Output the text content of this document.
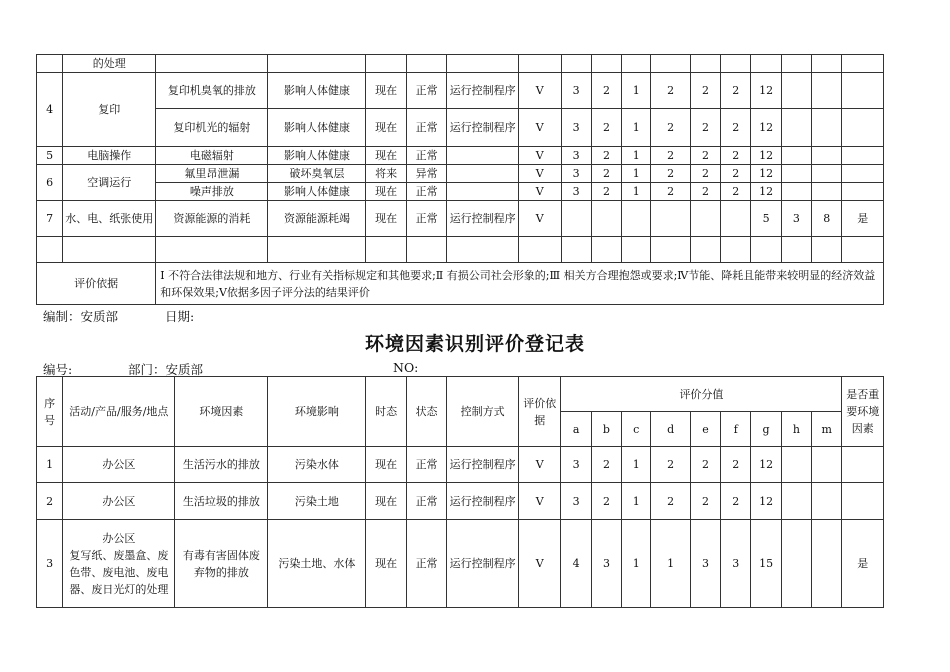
	的处理																
4	复印	复印机臭氧的排放	影响人体健康	现在	正常	运行控制程序	Ⅴ	3	2	1	2	2	2	12			
		复印机光的辐射	影响人体健康	现在	正常	运行控制程序	Ⅴ	3	2	1	2	2	2	12			
5	电脑操作	电磁辐射	影响人体健康	现在	正常		Ⅴ	3	2	1	2	2	2	12			
6	空调运行	氟里昂泄漏	破坏臭氧层	将来	异常		Ⅴ	3	2	1	2	2	2	12			
		噪声排放	影响人体健康	现在	正常		Ⅴ	3	2	1	2	2	2	12			
7	水、电、纸张使用	资源能源的消耗	资源能源耗竭	现在	正常	运行控制程序	Ⅴ							5	3	8	是

评价依据		Ⅰ 不符合法律法规和地方、行业有关指标规定和其他要求;Ⅱ 有损公司社会形象的;Ⅲ 相关方合理抱怨或要求;Ⅳ节能、降耗且能带来较明显的经济效益和环保效果;Ⅴ依据多因子评分法的结果评价															
编制：安质部	日期:
环境因素识别评价登记表
编号:	部门：安质部	NO:
序号	活动/产品/服务/地点	环境因素	环境影响	时态	状态	控制方式	评价依据	评价分值									是否重要环境因素
								a	b	c	d	e	f	g	h	m	
1	办公区	生活污水的排放	污染水体	现在	正常	运行控制程序	Ⅴ	3	2	1	2	2	2	12			
2	办公区	生活垃圾的排放	污染土地	现在	正常	运行控制程序	Ⅴ	3	2	1	2	2	2	12			
3	办公区
复写纸、废墨盒、废色带、废电池、废电器、废日光灯的处理	有毒有害固体废弃物的排放	污染土地、水体	现在	正常	运行控制程序	Ⅴ	4	3	1	1	3	3	15			是
